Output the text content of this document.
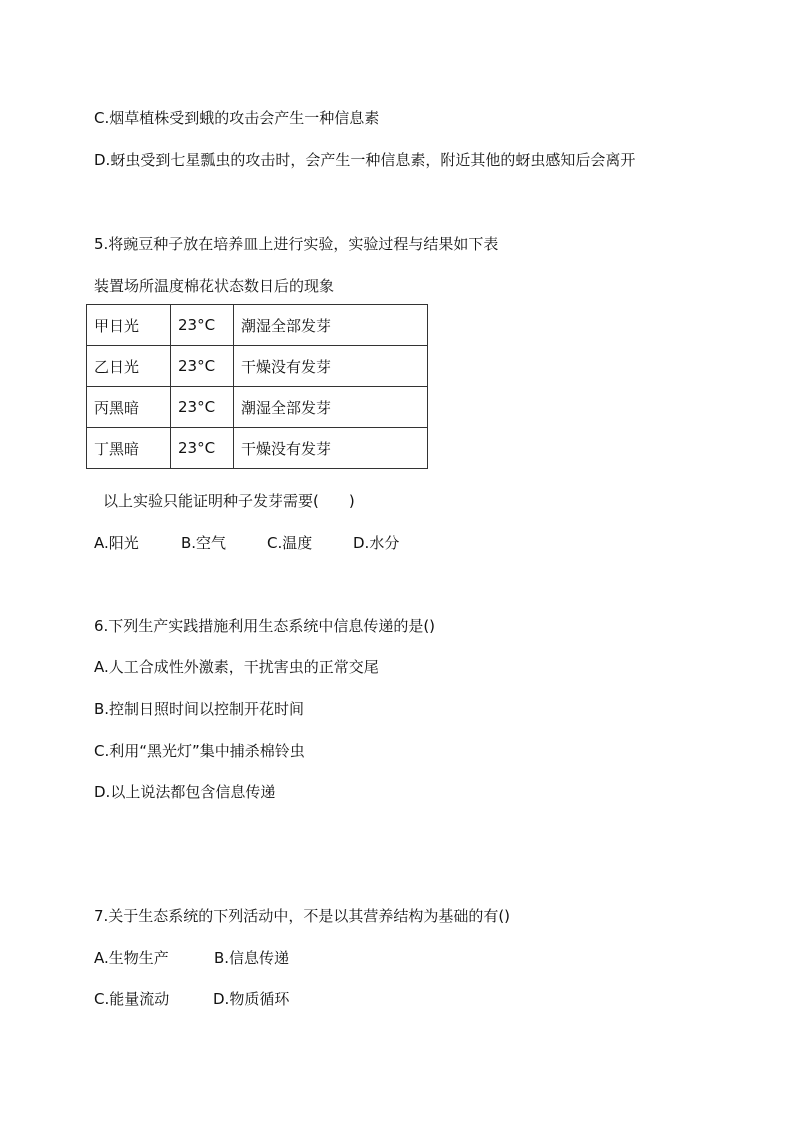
C.烟草植株受到蛾的攻击会产生一种信息素
D.蚜虫受到七星瓢虫的攻击时，会产生一种信息素，附近其他的蚜虫感知后会离开
5.将豌豆种子放在培养皿上进行实验，实验过程与结果如下表
装置场所温度棉花状态数日后的现象
甲日光	23°C	潮湿全部发芽
乙日光	23°C	干燥没有发芽
丙黑暗	23°C	潮湿全部发芽
丁黑暗	23°C	干燥没有发芽
以上实验只能证明种子发芽需要(　　)
A.阳光	B.空气	C.温度	D.水分
6.下列生产实践措施利用生态系统中信息传递的是()
A.人工合成性外激素，干扰害虫的正常交尾
B.控制日照时间以控制开花时间
C.利用“黑光灯”集中捕杀棉铃虫
D.以上说法都包含信息传递
7.关于生态系统的下列活动中，不是以其营养结构为基础的有()
A.生物生产	B.信息传递
C.能量流动	D.物质循环
